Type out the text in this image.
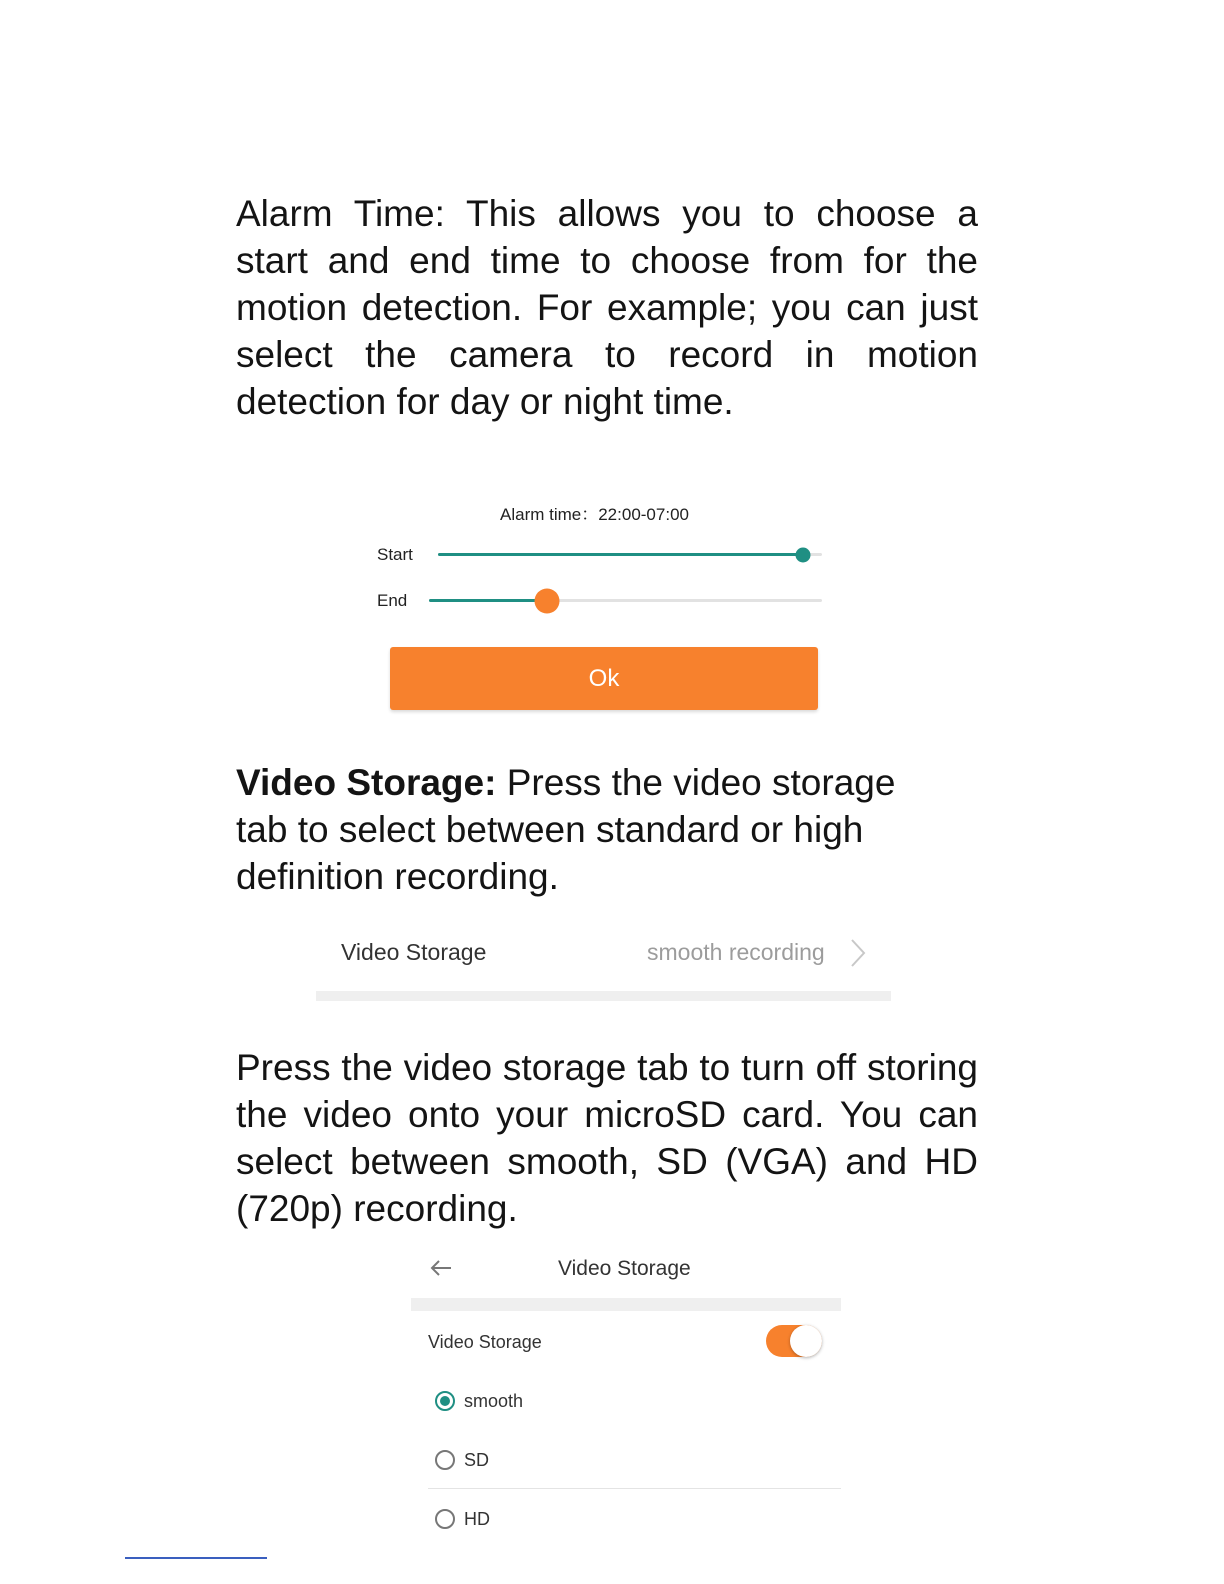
Alarm Time: This allows you to choose a start and end time to choose from for the motion detection. For example; you can just select the camera to record in motion detection for day or night time.

Alarm time：22:00-07:00
Start
End
Ok

Video Storage: Press the video storage tab to select between standard or high definition recording.

Video Storage	smooth recording

Press the video storage tab to turn off storing the video onto your microSD card. You can select between smooth, SD (VGA) and HD (720p) recording.

Video Storage
Video Storage
smooth
SD
HD
